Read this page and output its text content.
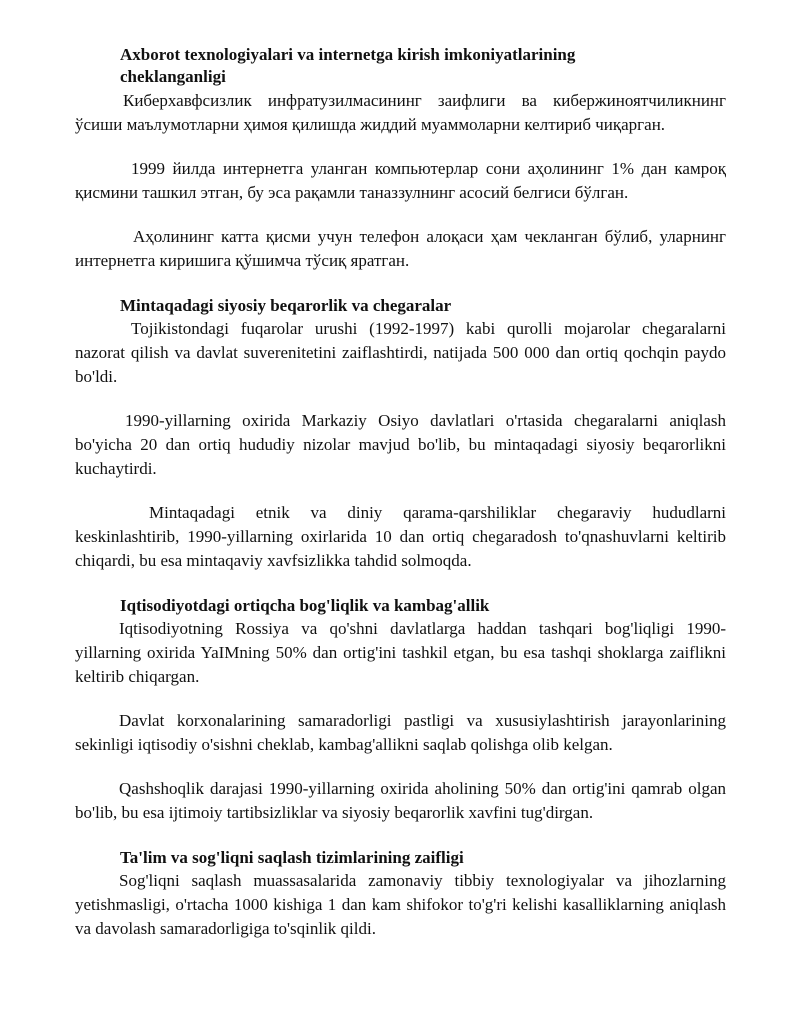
Axborot texnologiyalari va internetga kirish imkoniyatlarining cheklanganligi

Киберхавфсизлик инфратузилмасининг заифлиги ва кибержиноятчиликнинг ўсиши маълумотларни ҳимоя қилишда жиддий муаммоларни келтириб чиқарган.

1999 йилда интернетга уланган компьютерлар сони аҳолининг 1% дан камроқ қисмини ташкил этган, бу эса рақамли таназзулнинг асосий белгиси бўлган.

Аҳолининг катта қисми учун телефон алоқаси ҳам чекланган бўлиб, уларнинг интернетга киришига қўшимча тўсиқ яратган.

Mintaqadagi siyosiy beqarorlik va chegaralar

Tojikistondagi fuqarolar urushi (1992-1997) kabi qurolli mojarolar chegaralarni nazorat qilish va davlat suverenitetini zaiflashtirdi, natijada 500 000 dan ortiq qochqin paydo bo'ldi.

1990-yillarning oxirida Markaziy Osiyo davlatlari o'rtasida chegaralarni aniqlash bo'yicha 20 dan ortiq hududiy nizolar mavjud bo'lib, bu mintaqadagi siyosiy beqarorlikni kuchaytirdi.

Mintaqadagi etnik va diniy qarama-qarshiliklar chegaraviy hududlarni keskinlashtirib, 1990-yillarning oxirlarida 10 dan ortiq chegaradosh to'qnashuvlarni keltirib chiqardi, bu esa mintaqaviy xavfsizlikka tahdid solmoqda.

Iqtisodiyotdagi ortiqcha bog'liqlik va kambag'allik

Iqtisodiyotning Rossiya va qo'shni davlatlarga haddan tashqari bog'liqligi 1990-yillarning oxirida YaIMning 50% dan ortig'ini tashkil etgan, bu esa tashqi shoklarga zaiflikni keltirib chiqargan.

Davlat korxonalarining samaradorligi pastligi va xususiylashtirish jarayonlarining sekinligi iqtisodiy o'sishni cheklab, kambag'allikni saqlab qolishga olib kelgan.

Qashshoqlik darajasi 1990-yillarning oxirida aholining 50% dan ortig'ini qamrab olgan bo'lib, bu esa ijtimoiy tartibsizliklar va siyosiy beqarorlik xavfini tug'dirgan.

Ta'lim va sog'liqni saqlash tizimlarining zaifligi

Sog'liqni saqlash muassasalarida zamonaviy tibbiy texnologiyalar va jihozlarning yetishmasligi, o'rtacha 1000 kishiga 1 dan kam shifokor to'g'ri kelishi kasalliklarning aniqlash va davolash samaradorligiga to'sqinlik qildi.
